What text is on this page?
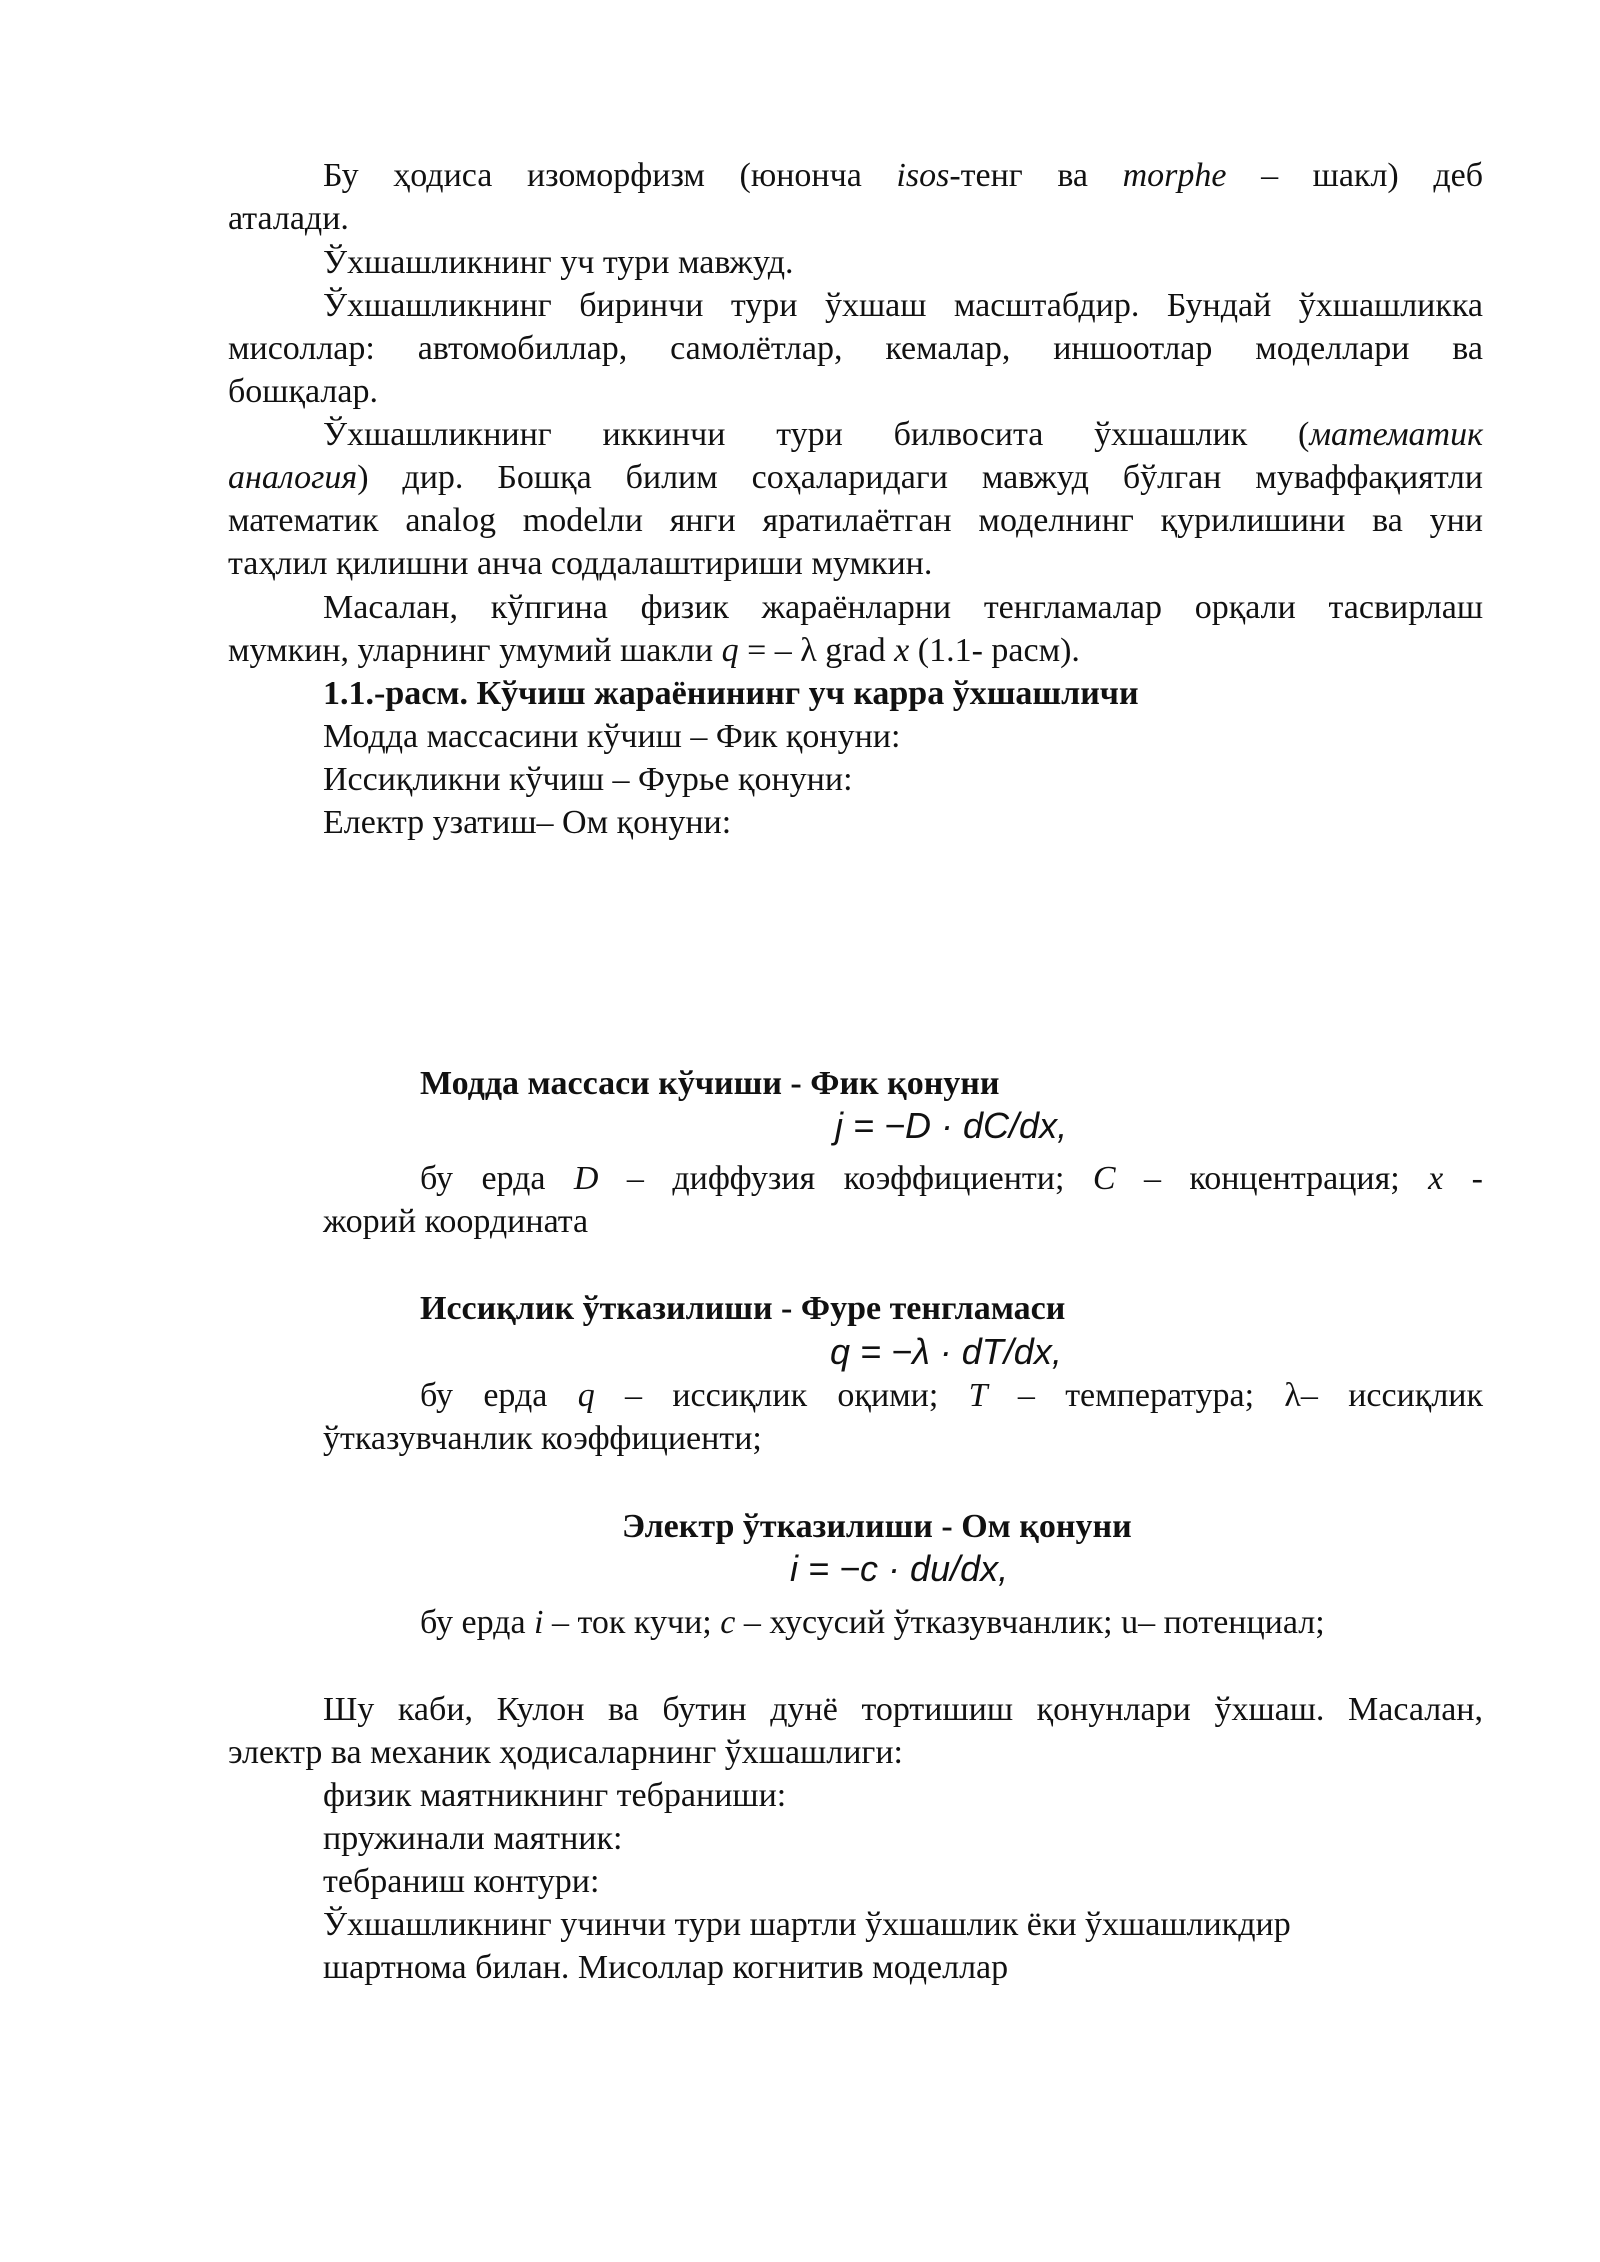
Бу ҳодиса изоморфизм (юнонча isos-тенг ва morphe – шакл) деб
аталади.
Ўхшашликнинг уч тури мавжуд.
Ўхшашликнинг биринчи тури ўхшаш масштабдир. Бундай ўхшашликка
мисоллар: автомобиллар, самолётлар, кемалар, иншоотлар моделлари ва
бошқалар.
Ўхшашликнинг иккинчи тури билвосита ўхшашлик (математик
аналогия) дир. Бошқа билим соҳаларидаги мавжуд бўлган муваффақиятли
математик analog modelли янги яратилаётган моделнинг қурилишини ва уни
таҳлил қилишни анча соддалаштириши мумкин.
Масалан, кўпгина физик жараёнларни тенгламалар орқали тасвирлаш
мумкин, уларнинг умумий шакли q = – λ grad x (1.1- расм).
1.1.-расм. Кўчиш жараёнининг уч карра ўхшашличи
Модда массасини кўчиш – Фик қонуни:
Иссиқликни кўчиш – Фурье қонуни:
Електр узатиш– Ом қонуни:
Модда массаси кўчиши - Фик қонуни
j = −D · dC/dx,
бу ерда D – диффузия коэффициенти; C – концентрация; x -
жорий координата
Иссиқлик ўтказилиши - Фуре тенгламаси
q = −λ · dT/dx,
бу ерда q – иссиқлик оқими; T – температура; λ– иссиқлик
ўтказувчанлик коэффициенти;
Электр ўтказилиши - Ом қонуни
i = −c · du/dx,
бу ерда i – ток кучи; c – хусусий ўтказувчанлик; u– потенциал;
Шу каби, Кулон ва бутин дунё тортишиш қонунлари ўхшаш. Масалан,
электр ва механик ҳодисаларнинг ўхшашлиги:
физик маятникнинг тебраниши:
пружинали маятник:
тебраниш контури:
Ўхшашликнинг учинчи тури шартли ўхшашлик ёки ўхшашликдир
шартнома билан. Мисоллар когнитив моделлар
